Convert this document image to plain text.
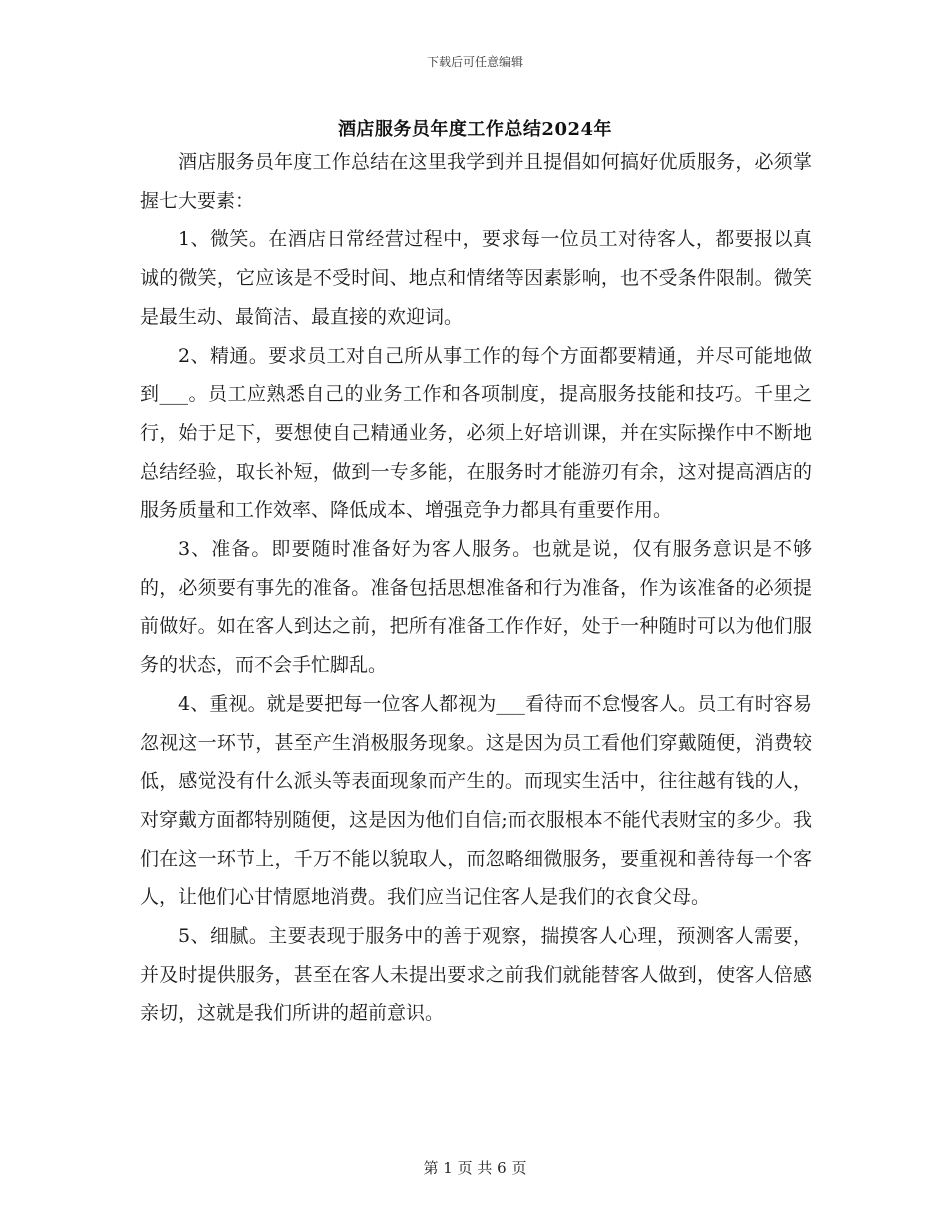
下载后可任意编辑
酒店服务员年度工作总结2024年

酒店服务员年度工作总结在这里我学到并且提倡如何搞好优质服务，必须掌握七大要素：

1、微笑。在酒店日常经营过程中，要求每一位员工对待客人，都要报以真诚的微笑，它应该是不受时间、地点和情绪等因素影响，也不受条件限制。微笑是最生动、最简洁、最直接的欢迎词。

2、精通。要求员工对自己所从事工作的每个方面都要精通，并尽可能地做到___。员工应熟悉自己的业务工作和各项制度，提高服务技能和技巧。千里之行，始于足下，要想使自己精通业务，必须上好培训课，并在实际操作中不断地总结经验，取长补短，做到一专多能，在服务时才能游刃有余，这对提高酒店的服务质量和工作效率、降低成本、增强竞争力都具有重要作用。

3、准备。即要随时准备好为客人服务。也就是说，仅有服务意识是不够的，必须要有事先的准备。准备包括思想准备和行为准备，作为该准备的必须提前做好。如在客人到达之前，把所有准备工作作好，处于一种随时可以为他们服务的状态，而不会手忙脚乱。

4、重视。就是要把每一位客人都视为___看待而不怠慢客人。员工有时容易忽视这一环节，甚至产生消极服务现象。这是因为员工看他们穿戴随便，消费较低，感觉没有什么派头等表面现象而产生的。而现实生活中，往往越有钱的人，对穿戴方面都特别随便，这是因为他们自信;而衣服根本不能代表财宝的多少。我们在这一环节上，千万不能以貌取人，而忽略细微服务，要重视和善待每一个客人，让他们心甘情愿地消费。我们应当记住客人是我们的衣食父母。

5、细腻。主要表现于服务中的善于观察，揣摸客人心理，预测客人需要，并及时提供服务，甚至在客人未提出要求之前我们就能替客人做到，使客人倍感亲切，这就是我们所讲的超前意识。

第 1 页 共 6 页
